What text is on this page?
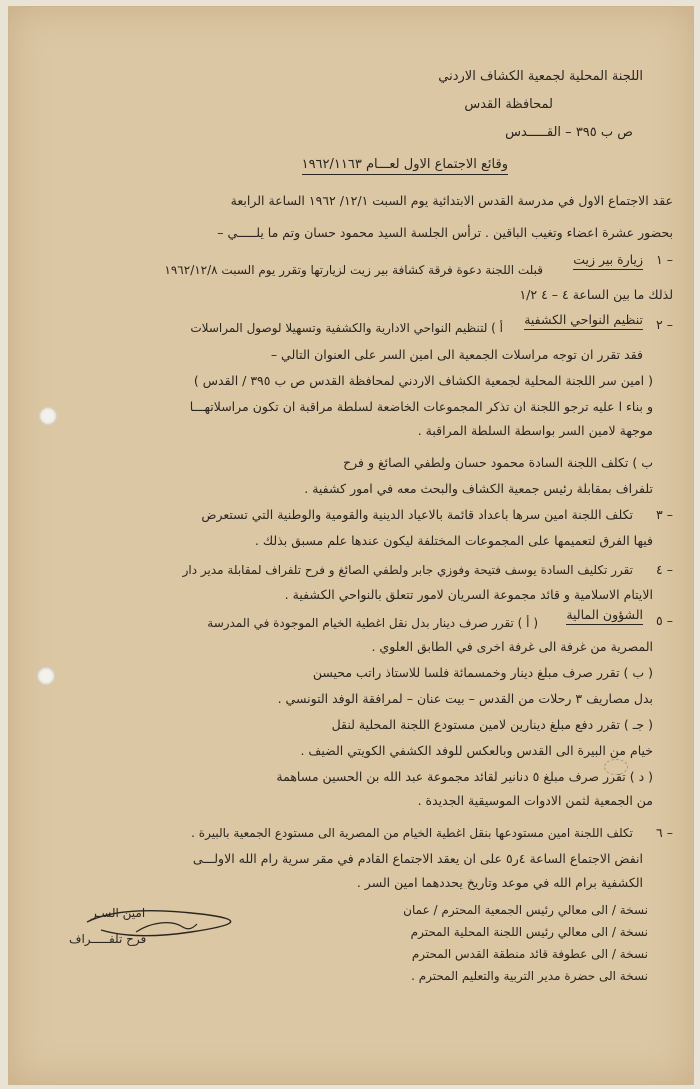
اللجنة المحلية لجمعية الكشاف الاردني
لمحافظة القدس
ص ب ٣٩٥ – القـــــدس
وقائع الاجتماع الاول لعـــام ١٩٦٢/١١٦٣
عقد الاجتماع الاول في مدرسة القدس الابتدائية يوم السبت ١٢/١/ ١٩٦٢ الساعة الرابعة
بحضور عشرة اعضاء وتغيب الباقين . ترأس الجلسة السيد محمود حسان وتم ما يلـــــي –
١ –
زيارة بير زيت
قبلت اللجنة دعوة فرقة كشافة بير زيت لزيارتها وتقرر يوم السبت ١٩٦٢/١٢/٨
لذلك ما بين الساعة ٤ – ٤ ١/٢
٢ –
تنظيم النواحي الكشفية
أ ) لتنظيم النواحي الادارية والكشفية وتسهيلا لوصول المراسلات
فقد تقرر ان توجه مراسلات الجمعية الى امين السر على العنوان التالي –
( امين سر اللجنة المحلية لجمعية الكشاف الاردني لمحافظة القدس ص ب ٣٩٥ / القدس )
و بناء ا عليه ترجو اللجنة ان تذكر المجموعات الخاضعة لسلطة مراقبة ان تكون مراسلاتهـــا
موجهة لامين السر بواسطة السلطة المراقبة .
ب ) تكلف اللجنة السادة محمود حسان ولطفي الصائغ و فرح
تلفراف بمقابلة رئيس جمعية الكشاف والبحث معه في امور كشفية .
٣ –
تكلف اللجنة امين سرها باعداد قائمة بالاعياد الدينية والقومية والوطنية التي تستعرض
فيها الفرق لتعميمها على المجموعات المختلفة ليكون عندها علم مسبق بذلك .
٤ –
تقرر تكليف السادة يوسف فتيحة وفوزي جابر ولطفي الصائغ و فرح تلفراف لمقابلة مدير دار
الايتام الاسلامية و قائد مجموعة السريان لامور تتعلق بالنواحي الكشفية .
٥ –
الشؤون المالية
( أ ) تقرر صرف دينار بدل نقل اغطية الخيام الموجودة في المدرسة
المصرية من غرفة الى غرفة اخرى في الطابق العلوي .
( ب ) تقرر صرف مبلغ دينار وخمسمائة فلسا للاستاذ راتب محيسن
بدل مصاريف ٣ رحلات من القدس – بيت عنان – لمرافقة الوفد التونسي .
( جـ ) تقرر دفع مبلغ دينارين لامين مستودع اللجنة المحلية لنقل
خيام من البيرة الى القدس وبالعكس للوفد الكشفي الكويتي الضيف .
( د ) تقرر صرف مبلغ ٥ دنانير لقائد مجموعة عبد الله بن الحسين مساهمة
من الجمعية لثمن الادوات الموسيقية الجديدة .
٦ –
تكلف اللجنة امين مستودعها بنقل اغطية الخيام من المصرية الى مستودع الجمعية بالبيرة .
انفض الاجتماع الساعة ٤ر٥ على ان يعقد الاجتماع القادم في مقر سرية رام الله الاولـــى
الكشفية برام الله في موعد وتاريخ يحددهما امين السر .
امين السـر
فرح تلفـــــراف
نسخة / الى معالي رئيس الجمعية المحترم / عمان
نسخة / الى معالي رئيس اللجنة المحلية المحترم
نسخة / الى عطوفة قائد منطقة القدس المحترم
نسخة الى حضرة مدير التربية والتعليم المحترم .
